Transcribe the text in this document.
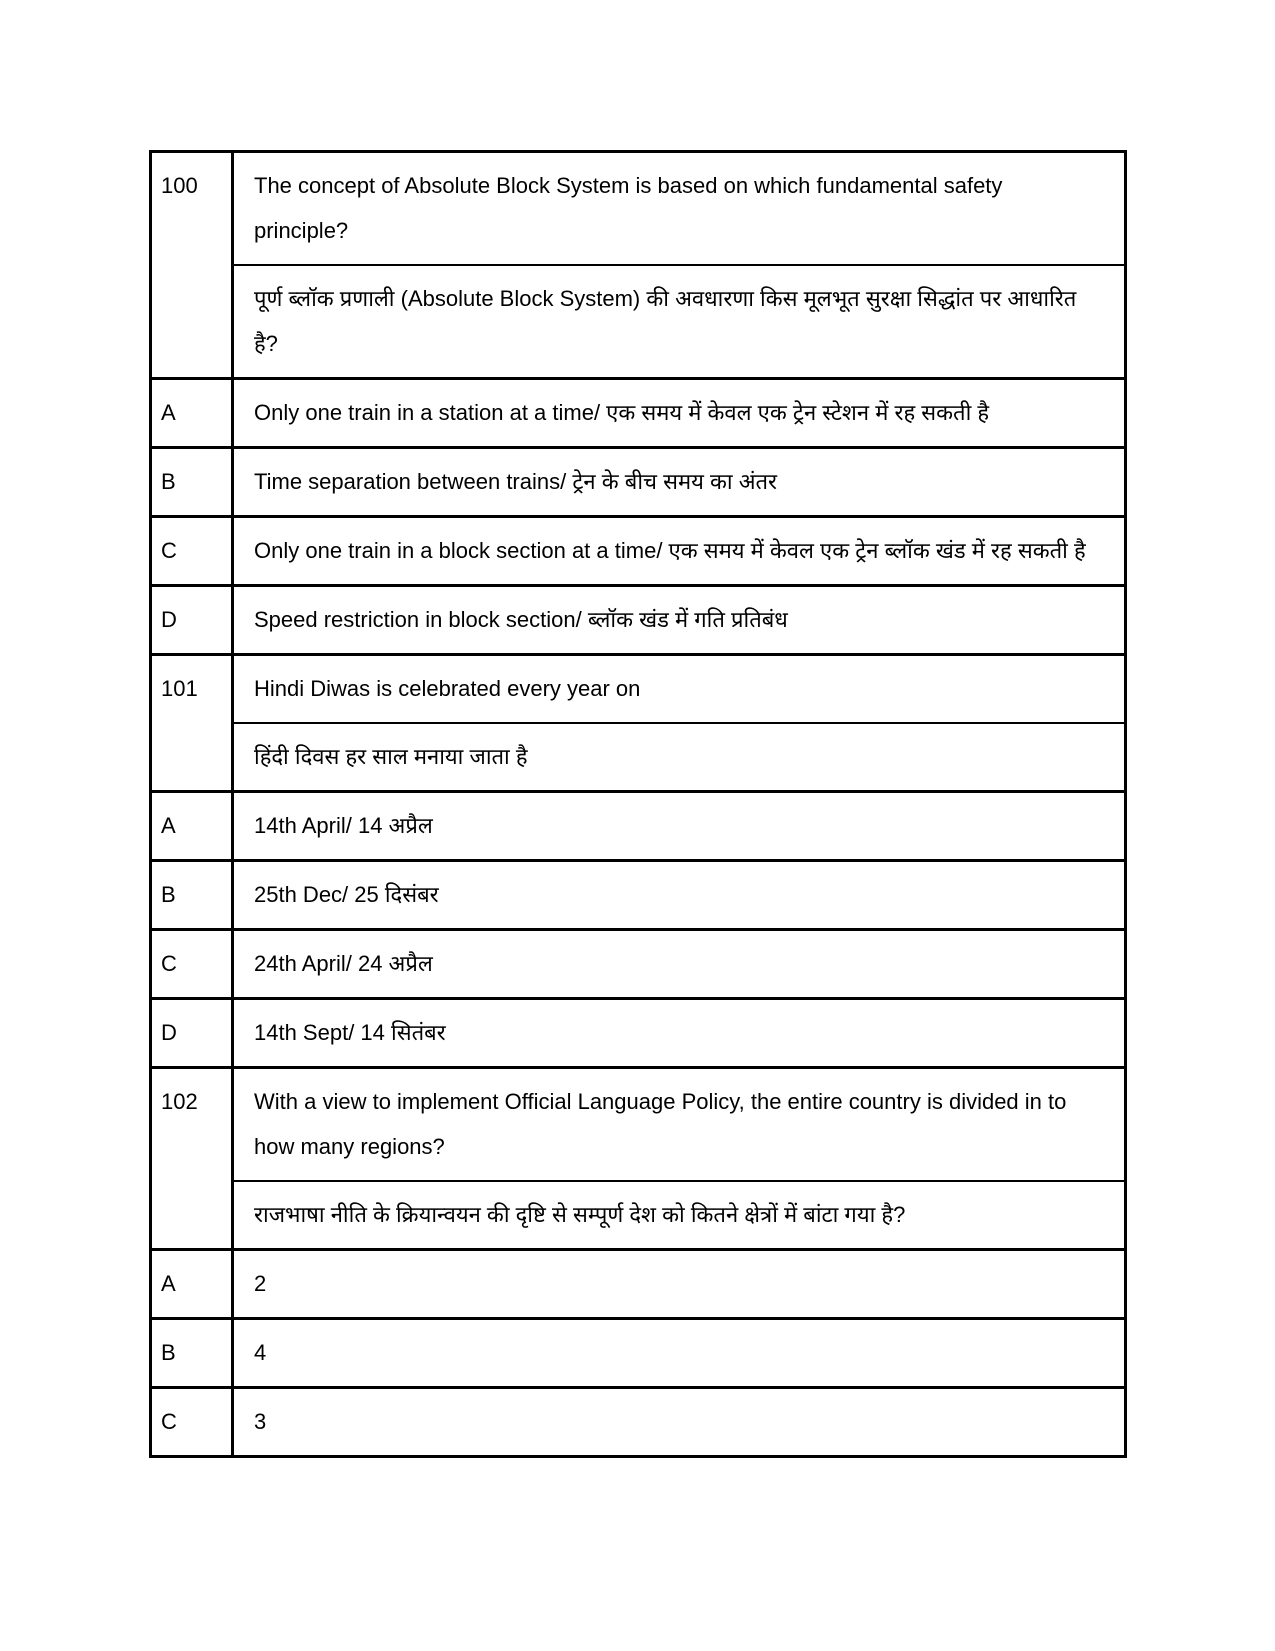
100	The concept of Absolute Block System is based on which fundamental safety principle?
	पूर्ण ब्लॉक प्रणाली (Absolute Block System) की अवधारणा किस मूलभूत सुरक्षा सिद्धांत पर आधारित है?
A	Only one train in a station at a time/ एक समय में केवल एक ट्रेन स्टेशन में रह सकती है
B	Time separation between trains/ ट्रेन के बीच समय का अंतर
C	Only one train in a block section at a time/ एक समय में केवल एक ट्रेन ब्लॉक खंड में रह सकती है
D	Speed restriction in block section/ ब्लॉक खंड में गति प्रतिबंध
101	Hindi Diwas is celebrated every year on
	हिंदी दिवस हर साल मनाया जाता है
A	14th April/ 14 अप्रैल
B	25th Dec/ 25 दिसंबर
C	24th April/ 24 अप्रैल
D	14th Sept/ 14 सितंबर
102	With a view to implement Official Language Policy, the entire country is divided in to how many regions?
	राजभाषा नीति के क्रियान्वयन की दृष्टि से सम्पूर्ण देश को कितने क्षेत्रों में बांटा गया है?
A	2
B	4
C	3
